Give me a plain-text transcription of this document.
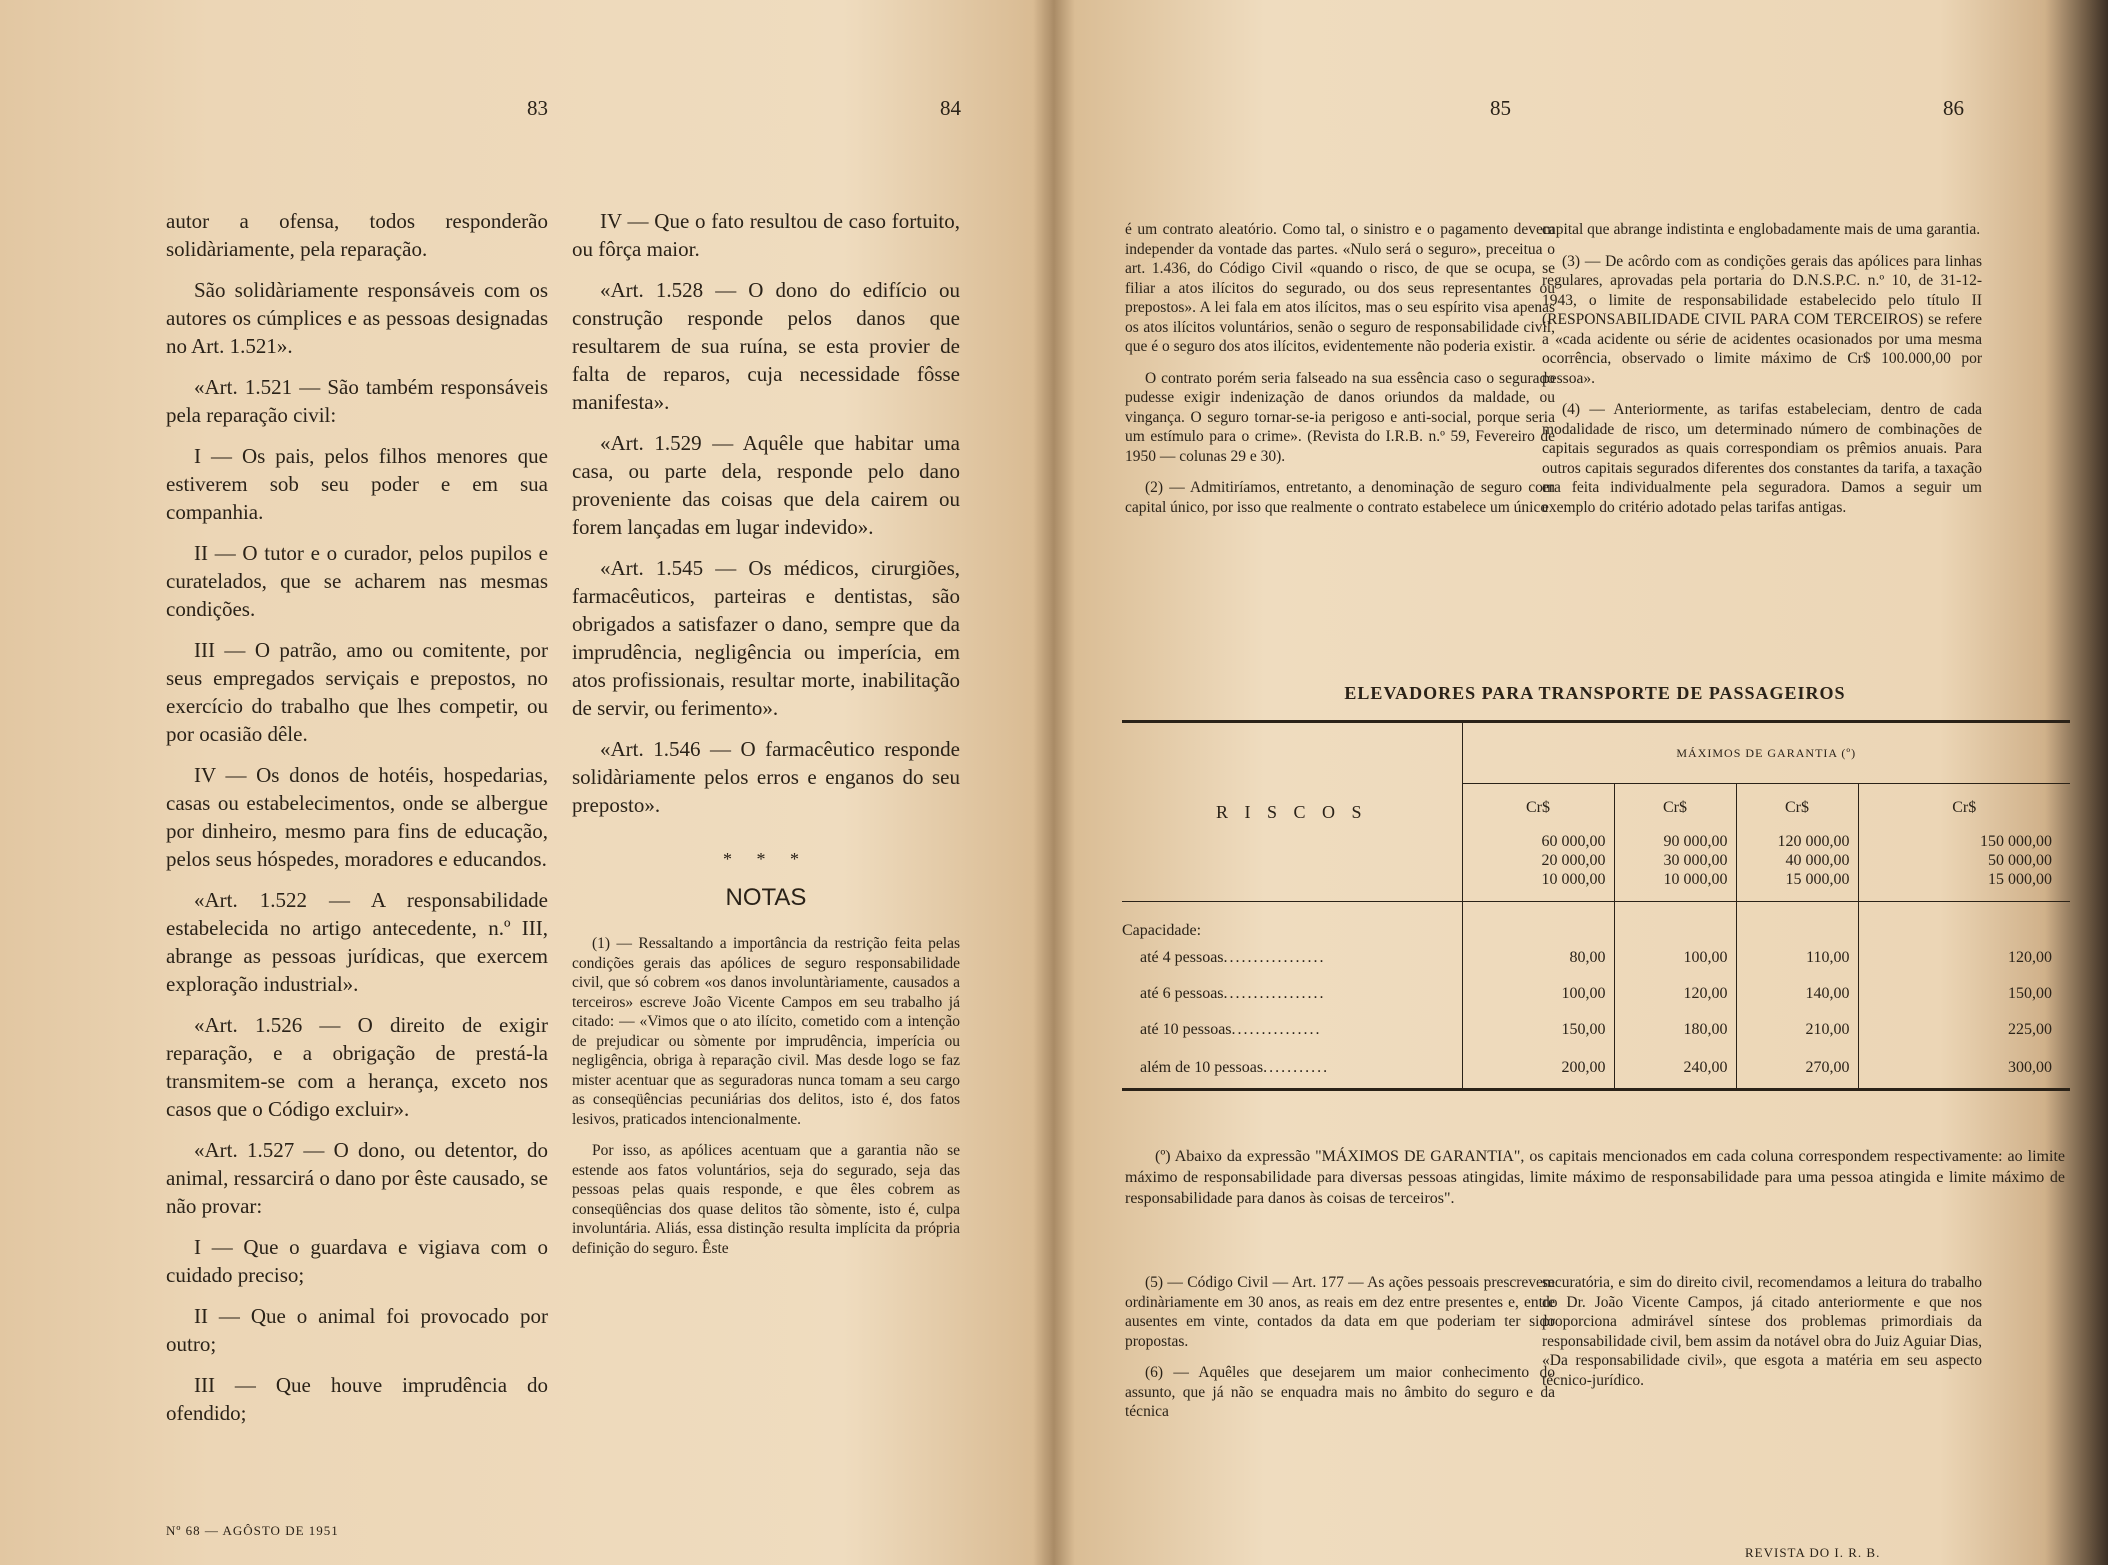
83	84

autor a ofensa, todos responderão solidàriamente, pela reparação.

São solidàriamente responsáveis com os autores os cúmplices e as pessoas designadas no Art. 1.521».

«Art. 1.521 — São também responsáveis pela reparação civil:

I — Os pais, pelos filhos menores que estiverem sob seu poder e em sua companhia.

II — O tutor e o curador, pelos pupilos e curatelados, que se acharem nas mesmas condições.

III — O patrão, amo ou comitente, por seus empregados serviçais e prepostos, no exercício do trabalho que lhes competir, ou por ocasião dêle.

IV — Os donos de hotéis, hospedarias, casas ou estabelecimentos, onde se albergue por dinheiro, mesmo para fins de educação, pelos seus hóspedes, moradores e educandos.

«Art. 1.522 — A responsabilidade estabelecida no artigo antecedente, n.º III, abrange as pessoas jurídicas, que exercem exploração industrial».

«Art. 1.526 — O direito de exigir reparação, e a obrigação de prestá-la transmitem-se com a herança, exceto nos casos que o Código excluir».

«Art. 1.527 — O dono, ou detentor, do animal, ressarcirá o dano por êste causado, se não provar:

I — Que o guardava e vigiava com o cuidado preciso;

II — Que o animal foi provocado por outro;

III — Que houve imprudência do ofendido;

IV — Que o fato resultou de caso fortuito, ou fôrça maior.

«Art. 1.528 — O dono do edifício ou construção responde pelos danos que resultarem de sua ruína, se esta provier de falta de reparos, cuja necessidade fôsse manifesta».

«Art. 1.529 — Aquêle que habitar uma casa, ou parte dela, responde pelo dano proveniente das coisas que dela cairem ou forem lançadas em lugar indevido».

«Art. 1.545 — Os médicos, cirurgiões, farmacêuticos, parteiras e dentistas, são obrigados a satisfazer o dano, sempre que da imprudência, negligência ou imperícia, em atos profissionais, resultar morte, inabilitação de servir, ou ferimento».

«Art. 1.546 — O farmacêutico responde solidàriamente pelos erros e enganos do seu preposto».

* * *
NOTAS

(1) — Ressaltando a importância da restrição feita pelas condições gerais das apólices de seguro responsabilidade civil, que só cobrem «os danos involuntàriamente, causados a terceiros» escreve João Vicente Campos em seu trabalho já citado: — «Vimos que o ato ilícito, cometido com a intenção de prejudicar ou sòmente por imprudência, imperícia ou negligência, obriga à reparação civil. Mas desde logo se faz mister acentuar que as seguradoras nunca tomam a seu cargo as conseqüências pecuniárias dos delitos, isto é, dos fatos lesivos, praticados intencionalmente.

Por isso, as apólices acentuam que a garantia não se estende aos fatos voluntários, seja do segurado, seja das pessoas pelas quais responde, e que êles cobrem as conseqüências dos quase delitos tão sòmente, isto é, culpa involuntária. Aliás, essa distinção resulta implícita da própria definição do seguro. Êste

Nº 68 — AGÔSTO DE 1951
85	86

é um contrato aleatório. Como tal, o sinistro e o pagamento devem independer da vontade das partes. «Nulo será o seguro», preceitua o art. 1.436, do Código Civil «quando o risco, de que se ocupa, se filiar a atos ilícitos do segurado, ou dos seus representantes ou prepostos». A lei fala em atos ilícitos, mas o seu espírito visa apenas os atos ilícitos voluntários, senão o seguro de responsabilidade civil, que é o seguro dos atos ilícitos, evidentemente não poderia existir.

O contrato porém seria falseado na sua essência caso o segurado pudesse exigir indenização de danos oriundos da maldade, ou vingança. O seguro tornar-se-ia perigoso e anti-social, porque seria um estímulo para o crime». (Revista do I.R.B. n.º 59, Fevereiro de 1950 — colunas 29 e 30).

(2) — Admitiríamos, entretanto, a denominação de seguro com capital único, por isso que realmente o contrato estabelece um único

capital que abrange indistinta e englobadamente mais de uma garantia.

(3) — De acôrdo com as condições gerais das apólices para linhas regulares, aprovadas pela portaria do D.N.S.P.C. n.º 10, de 31-12-1943, o limite de responsabilidade estabelecido pelo título II (RESPONSABILIDADE CIVIL PARA COM TERCEIROS) se refere a «cada acidente ou série de acidentes ocasionados por uma mesma ocorrência, observado o limite máximo de Cr$ 100.000,00 por pessoa».

(4) — Anteriormente, as tarifas estabeleciam, dentro de cada modalidade de risco, um determinado número de combinações de capitais segurados as quais correspondiam os prêmios anuais. Para outros capitais segurados diferentes dos constantes da tarifa, a taxação era feita individualmente pela seguradora. Damos a seguir um exemplo do critério adotado pelas tarifas antigas.

ELEVADORES PARA TRANSPORTE DE PASSAGEIROS
R I S C O S	MÁXIMOS DE GARANTIA (º)			
	Cr$	Cr$	Cr$	Cr$
	60 000,00
20 000,00
10 000,00	90 000,00
30 000,00
10 000,00	120 000,00
40 000,00
15 000,00	150 000,00
50 000,00
15 000,00
Capacidade:				
até 4 pessoas.................	80,00	100,00	110,00	120,00
até 6 pessoas.................	100,00	120,00	140,00	150,00
até 10 pessoas...............	150,00	180,00	210,00	225,00
além de 10 pessoas...........	200,00	240,00	270,00	300,00
(º) Abaixo da expressão "MÁXIMOS DE GARANTIA", os capitais mencionados em cada coluna correspondem respectivamente: ao limite máximo de responsabilidade para diversas pessoas atingidas, limite máximo de responsabilidade para uma pessoa atingida e limite máximo de responsabilidade para danos às coisas de terceiros".

(5) — Código Civil — Art. 177 — As ações pessoais prescrevem ordinàriamente em 30 anos, as reais em dez entre presentes e, entre ausentes em vinte, contados da data em que poderiam ter sido propostas.

(6) — Aquêles que desejarem um maior conhecimento do assunto, que já não se enquadra mais no âmbito do seguro e da técnica

securatória, e sim do direito civil, recomendamos a leitura do trabalho do Dr. João Vicente Campos, já citado anteriormente e que nos proporciona admirável síntese dos problemas primordiais da responsabilidade civil, bem assim da notável obra do Juiz Aguiar Dias, «Da responsabilidade civil», que esgota a matéria em seu aspecto técnico-jurídico.

REVISTA DO I. R. B.
